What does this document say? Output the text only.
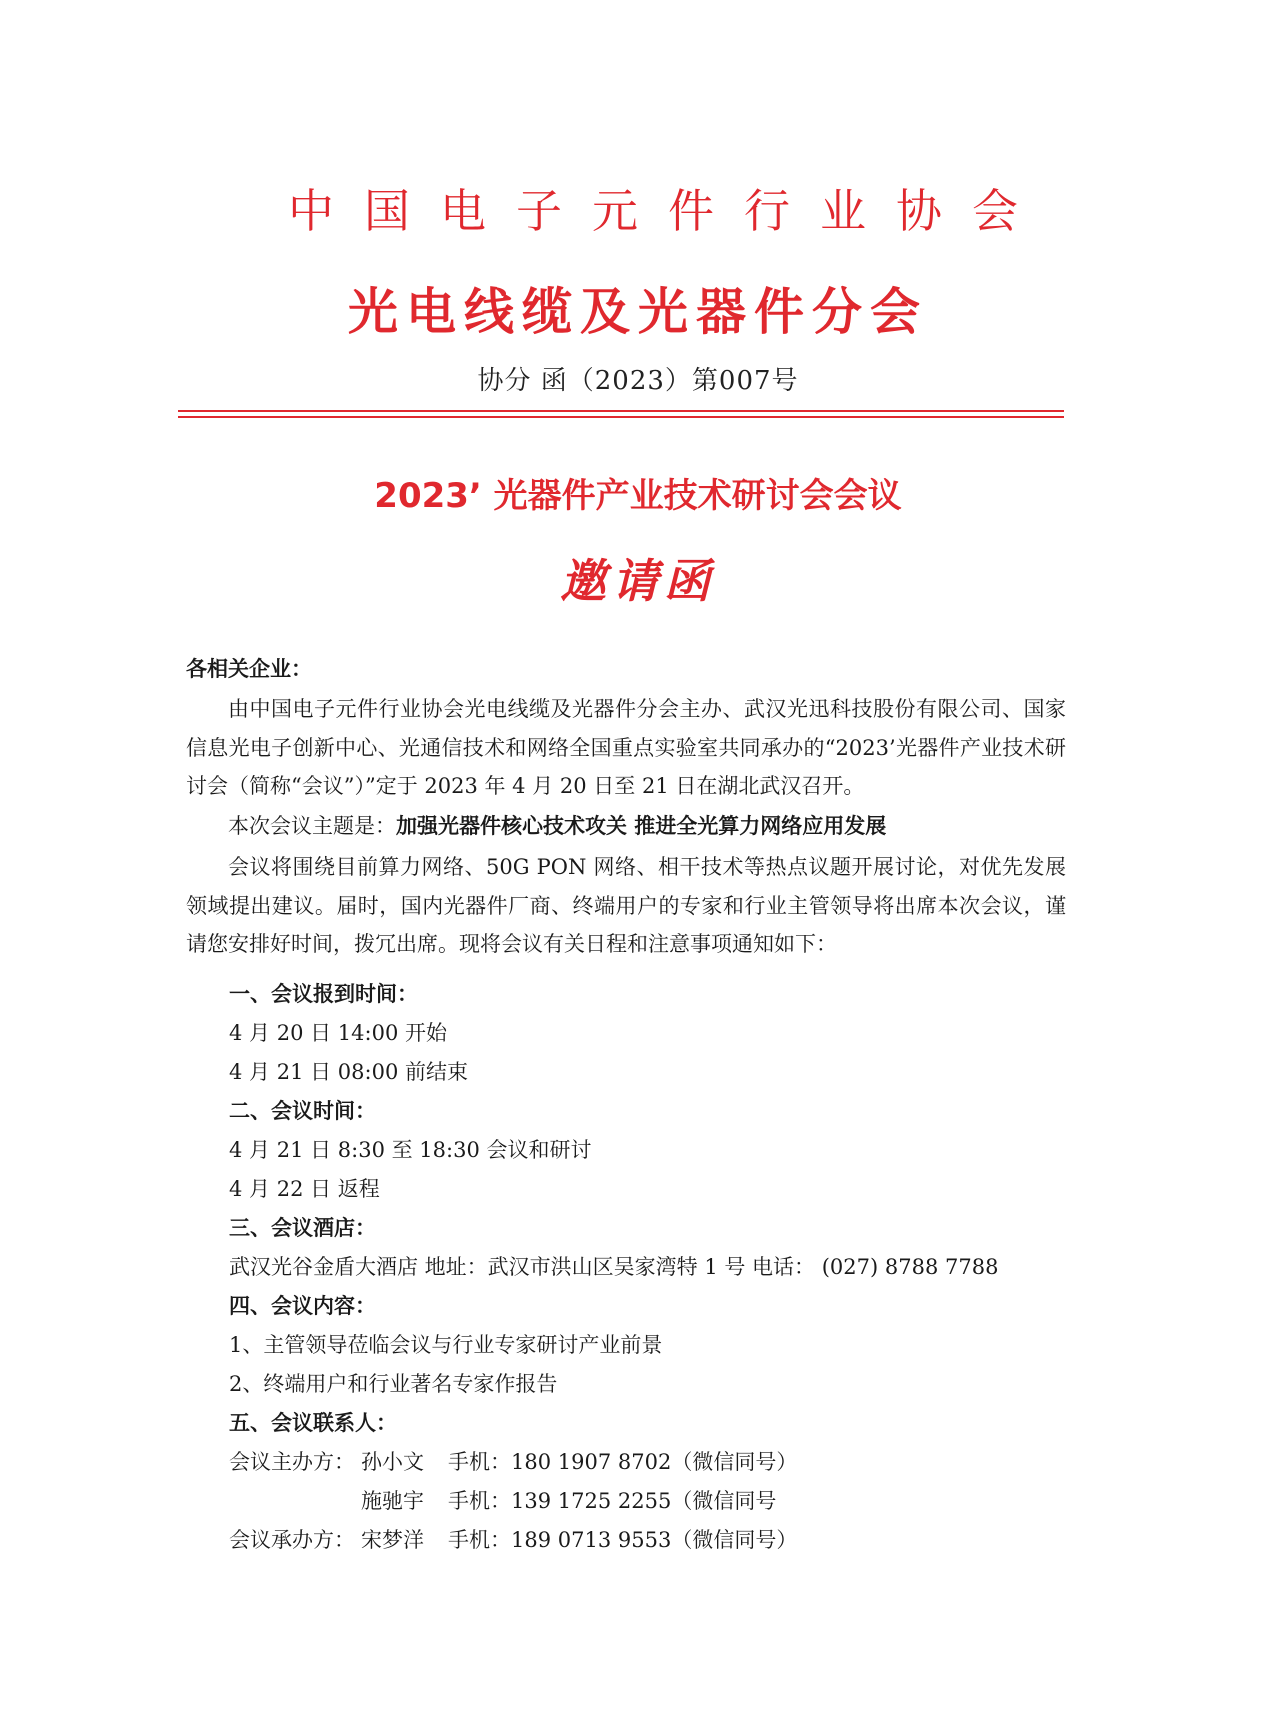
中国电子元件行业协会
光电线缆及光器件分会
协分 函（2023）第007号
2023’ 光器件产业技术研讨会会议
邀请函
各相关企业：
由中国电子元件行业协会光电线缆及光器件分会主办、武汉光迅科技股份有限公司、国家信息光电子创新中心、光通信技术和网络全国重点实验室共同承办的“2023’光器件产业技术研讨会（简称“会议”）”定于 2023 年 4 月 20 日至 21 日在湖北武汉召开。
本次会议主题是：加强光器件核心技术攻关 推进全光算力网络应用发展
会议将围绕目前算力网络、50G PON 网络、相干技术等热点议题开展讨论，对优先发展领域提出建议。届时，国内光器件厂商、终端用户的专家和行业主管领导将出席本次会议，谨请您安排好时间，拨冗出席。现将会议有关日程和注意事项通知如下：
一、会议报到时间：
4 月 20 日 14:00 开始
4 月 21 日 08:00 前结束
二、会议时间：
4 月 21 日 8:30 至 18:30 会议和研讨
4 月 22 日 返程
三、会议酒店：
武汉光谷金盾大酒店 地址：武汉市洪山区吴家湾特 1 号 电话： (027) 8788 7788
四、会议内容：
1、主管领导莅临会议与行业专家研讨产业前景
2、终端用户和行业著名专家作报告
五、会议联系人：
会议主办方： 孙小文 手机：180 1907 8702（微信同号）
施驰宇 手机：139 1725 2255（微信同号
会议承办方： 宋梦洋 手机：189 0713 9553（微信同号）
